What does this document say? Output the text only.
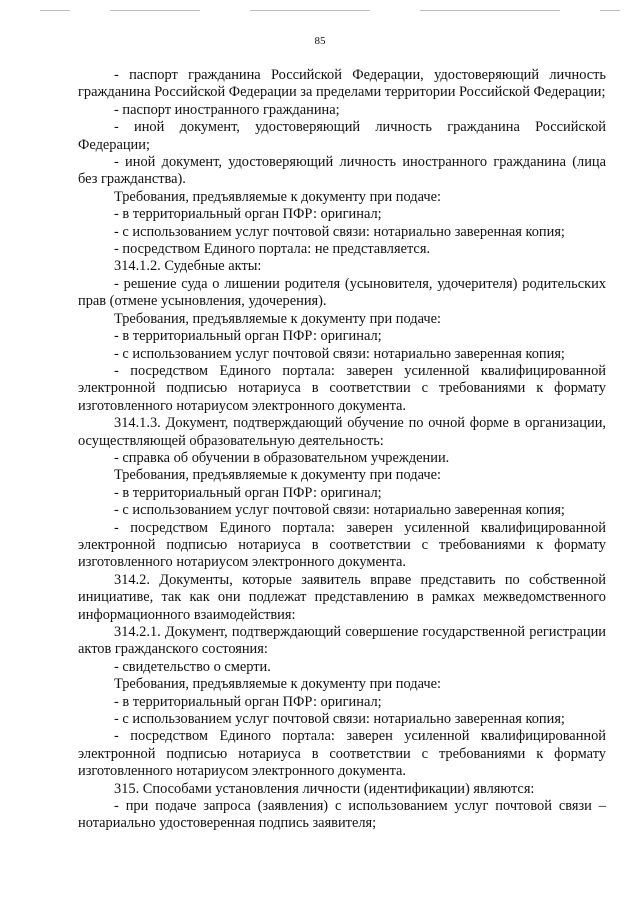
85

- паспорт гражданина Российской Федерации, удостоверяющий личность гражданина Российской Федерации за пределами территории Российской Федерации;

- паспорт иностранного гражданина;

- иной документ, удостоверяющий личность гражданина Российской Федерации;

- иной документ, удостоверяющий личность иностранного гражданина (лица без гражданства).

Требования, предъявляемые к документу при подаче:

- в территориальный орган ПФР: оригинал;

- с использованием услуг почтовой связи: нотариально заверенная копия;

- посредством Единого портала: не представляется.

314.1.2. Судебные акты:

- решение суда о лишении родителя (усыновителя, удочерителя) родительских прав (отмене усыновления, удочерения).

Требования, предъявляемые к документу при подаче:

- в территориальный орган ПФР: оригинал;

- с использованием услуг почтовой связи: нотариально заверенная копия;

- посредством Единого портала: заверен усиленной квалифицированной электронной подписью нотариуса в соответствии с требованиями к формату изготовленного нотариусом электронного документа.

314.1.3. Документ, подтверждающий обучение по очной форме в организации, осуществляющей образовательную деятельность:

- справка об обучении в образовательном учреждении.

Требования, предъявляемые к документу при подаче:

- в территориальный орган ПФР: оригинал;

- с использованием услуг почтовой связи: нотариально заверенная копия;

- посредством Единого портала: заверен усиленной квалифицированной электронной подписью нотариуса в соответствии с требованиями к формату изготовленного нотариусом электронного документа.

314.2. Документы, которые заявитель вправе представить по собственной инициативе, так как они подлежат представлению в рамках межведомственного информационного взаимодействия:

314.2.1. Документ, подтверждающий совершение государственной регистрации актов гражданского состояния:

- свидетельство о смерти.

Требования, предъявляемые к документу при подаче:

- в территориальный орган ПФР: оригинал;

- с использованием услуг почтовой связи: нотариально заверенная копия;

- посредством Единого портала: заверен усиленной квалифицированной электронной подписью нотариуса в соответствии с требованиями к формату изготовленного нотариусом электронного документа.

315. Способами установления личности (идентификации) являются:

- при подаче запроса (заявления) с использованием услуг почтовой связи – нотариально удостоверенная подпись заявителя;
